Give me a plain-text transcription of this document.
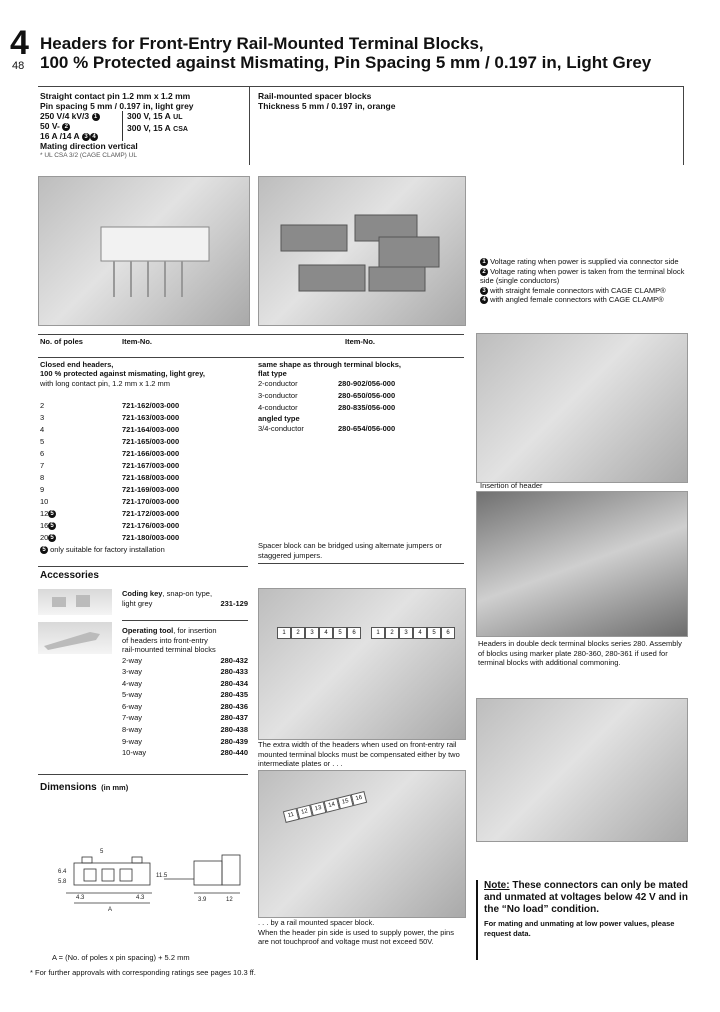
4
48
Headers for Front-Entry Rail-Mounted Terminal Blocks,
100 % Protected against Mismating, Pin Spacing 5 mm / 0.197 in, Light Grey
Straight contact pin 1.2 mm x 1.2 mm
Pin spacing 5 mm / 0.197 in, light grey
250 V/4 kV/3 1
50 V- 2
16 A /14 A 3 4
300 V, 15 A UL
300 V, 15 A CSA
Mating direction vertical
* UL CSA 3/2 (CAGE CLAMP) UL
Rail-mounted spacer blocks
Thickness 5 mm / 0.197 in, orange
1 Voltage rating when power is supplied via connector side
2 Voltage rating when power is taken from the terminal block side (single conductors)
3 with straight female connectors with CAGE CLAMP®
4 with angled female connectors with CAGE CLAMP®
No. of poles	Item-No.	Item-No.
Closed end headers,
100 % protected against mismating, light grey,
with long contact pin, 1.2 mm x 1.2 mm
2	721-162/003-000
3	721-163/003-000
4	721-164/003-000
5	721-165/003-000
6	721-166/003-000
7	721-167/003-000
8	721-168/003-000
9	721-169/003-000
10	721-170/003-000
12 5	721-172/003-000
16 5	721-176/003-000
20 5	721-180/003-000
5 only suitable for factory installation
same shape as through terminal blocks,
flat type
2-conductor	280-902/056-000
3-conductor	280-650/056-000
4-conductor	280-835/056-000
angled type
3/4-conductor	280-654/056-000
Spacer block can be bridged using alternate jumpers or staggered jumpers.
Accessories
Coding key, snap-on type,
light grey	231-129
Operating tool, for insertion
of headers into front-entry
rail-mounted terminal blocks
2-way	280-432
3-way	280-433
4-way	280-434
5-way	280-435
6-way	280-436
7-way	280-437
8-way	280-438
9-way	280-439
10-way	280-440
Dimensions (in mm)
5
6.4
5.8
11.5
4.3	4.3
A
3.9	12
A = (No. of poles x pin spacing) + 5.2 mm
Insertion of header
Headers in double deck terminal blocks series 280. Assembly of blocks using marker plate 280-360, 280-361 if used for terminal blocks with additional commoning.
1	2	3	4	5	6	1	2	3	4	5	6
The extra width of the headers when used on front-entry rail mounted terminal blocks must be compensated either by two intermediate plates or . . .
11 12 13 14 15 16
. . . by a rail mounted spacer block.
When the header pin side is used to supply power, the pins are not touchproof and voltage must not exceed 50V.
Note: These connectors can only be mated and unmated at voltages below 42 V and in the “No load” condition.
For mating and unmating at low power values, please request data.
* For further approvals with corresponding ratings see pages 10.3 ff.
